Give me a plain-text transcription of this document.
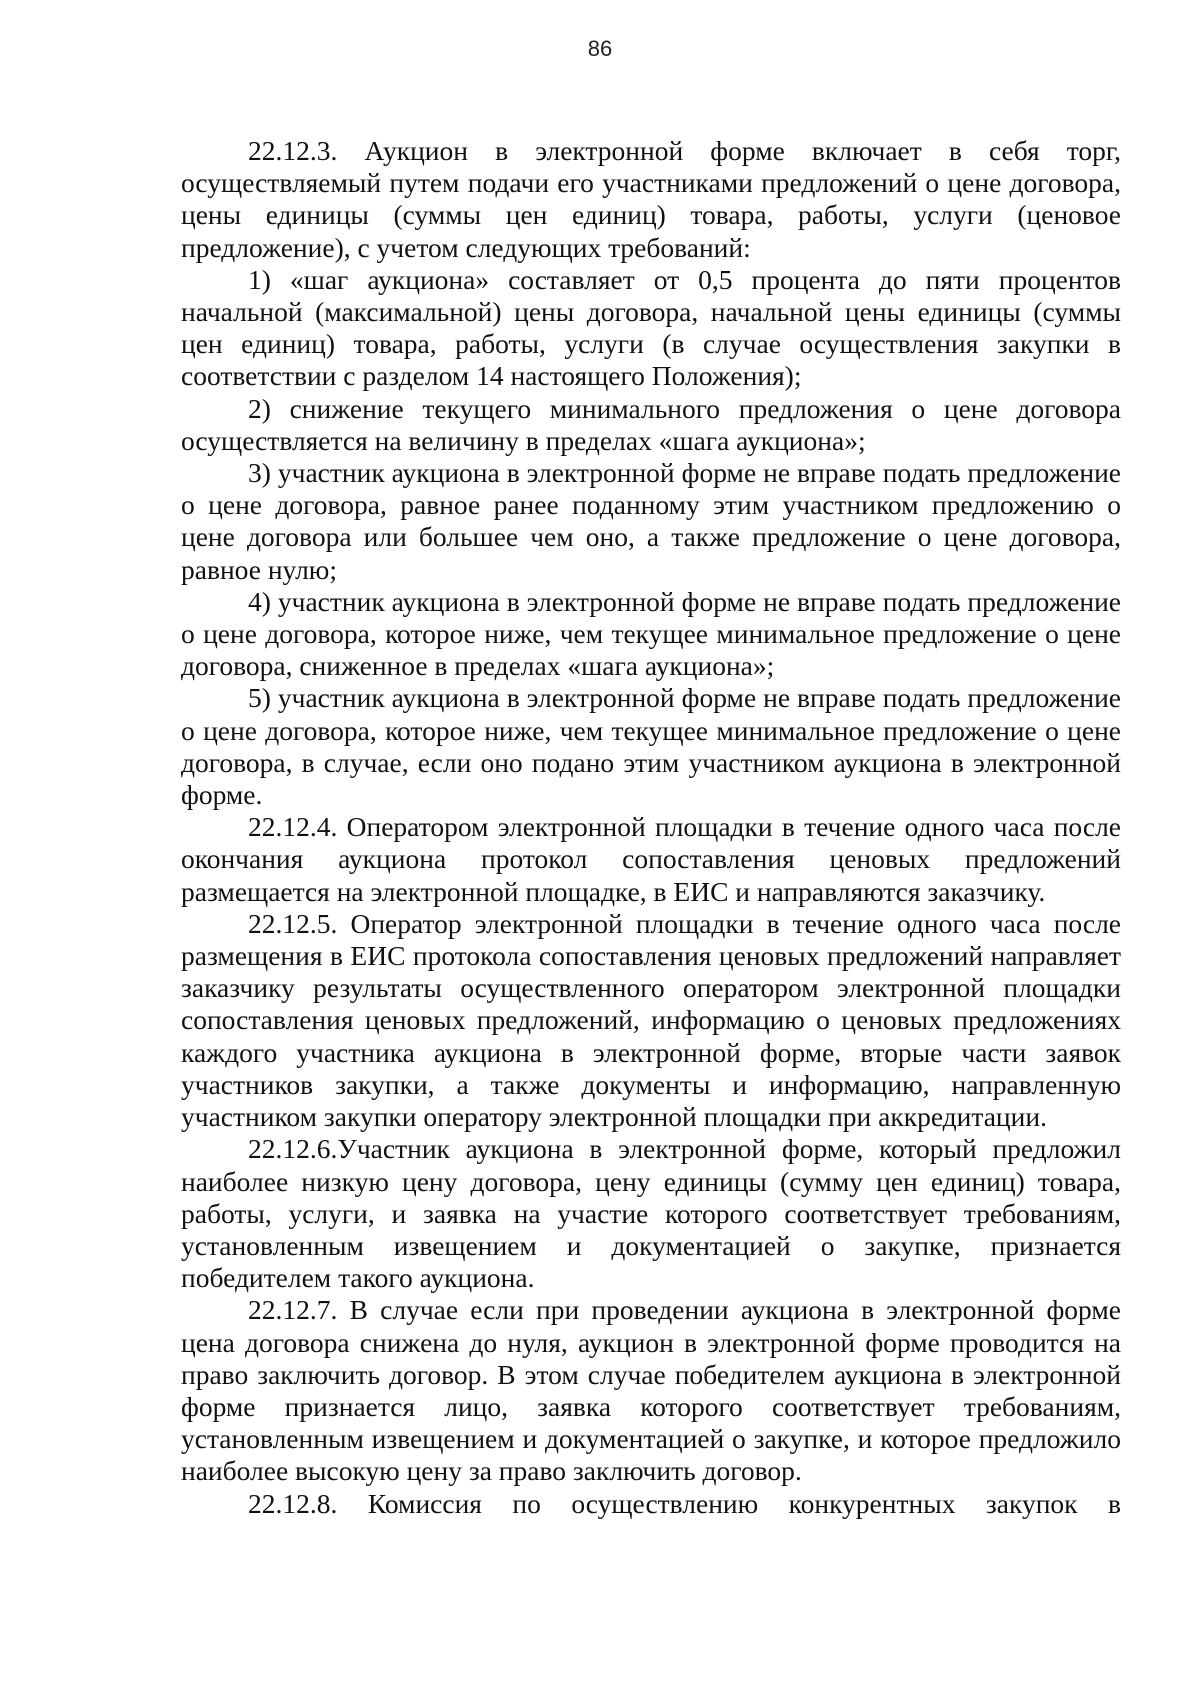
86

22.12.3. Аукцион в электронной форме включает в себя торг, осуществляемый путем подачи его участниками предложений о цене договора, цены единицы (суммы цен единиц) товара, работы, услуги (ценовое предложение), с учетом следующих требований:

1) «шаг аукциона» составляет от 0,5 процента до пяти процентов начальной (максимальной) цены договора, начальной цены единицы (суммы цен единиц) товара, работы, услуги (в случае осуществления закупки в соответствии с разделом 14 настоящего Положения);

2) снижение текущего минимального предложения о цене договора осуществляется на величину в пределах «шага аукциона»;

3) участник аукциона в электронной форме не вправе подать предложение о цене договора, равное ранее поданному этим участником предложению о цене договора или большее чем оно, а также предложение о цене договора, равное нулю;

4) участник аукциона в электронной форме не вправе подать предложение о цене договора, которое ниже, чем текущее минимальное предложение о цене договора, сниженное в пределах «шага аукциона»;

5) участник аукциона в электронной форме не вправе подать предложение о цене договора, которое ниже, чем текущее минимальное предложение о цене договора, в случае, если оно подано этим участником аукциона в электронной форме.

22.12.4. Оператором электронной площадки в течение одного часа после окончания аукциона протокол сопоставления ценовых предложений размещается на электронной площадке, в ЕИС и направляются заказчику.

22.12.5. Оператор электронной площадки в течение одного часа после размещения в ЕИС протокола сопоставления ценовых предложений направляет заказчику результаты осуществленного оператором электронной площадки сопоставления ценовых предложений, информацию о ценовых предложениях каждого участника аукциона в электронной форме, вторые части заявок участников закупки, а также документы и информацию, направленную участником закупки оператору электронной площадки при аккредитации.

22.12.6.Участник аукциона в электронной форме, который предложил наиболее низкую цену договора, цену единицы (сумму цен единиц) товара, работы, услуги, и заявка на участие которого соответствует требованиям, установленным извещением и документацией о закупке, признается победителем такого аукциона.

22.12.7. В случае если при проведении аукциона в электронной форме цена договора снижена до нуля, аукцион в электронной форме проводится на право заключить договор. В этом случае победителем аукциона в электронной форме признается лицо, заявка которого соответствует требованиям, установленным извещением и документацией о закупке, и которое предложило наиболее высокую цену за право заключить договор.

22.12.8. Комиссия по осуществлению конкурентных закупок в
